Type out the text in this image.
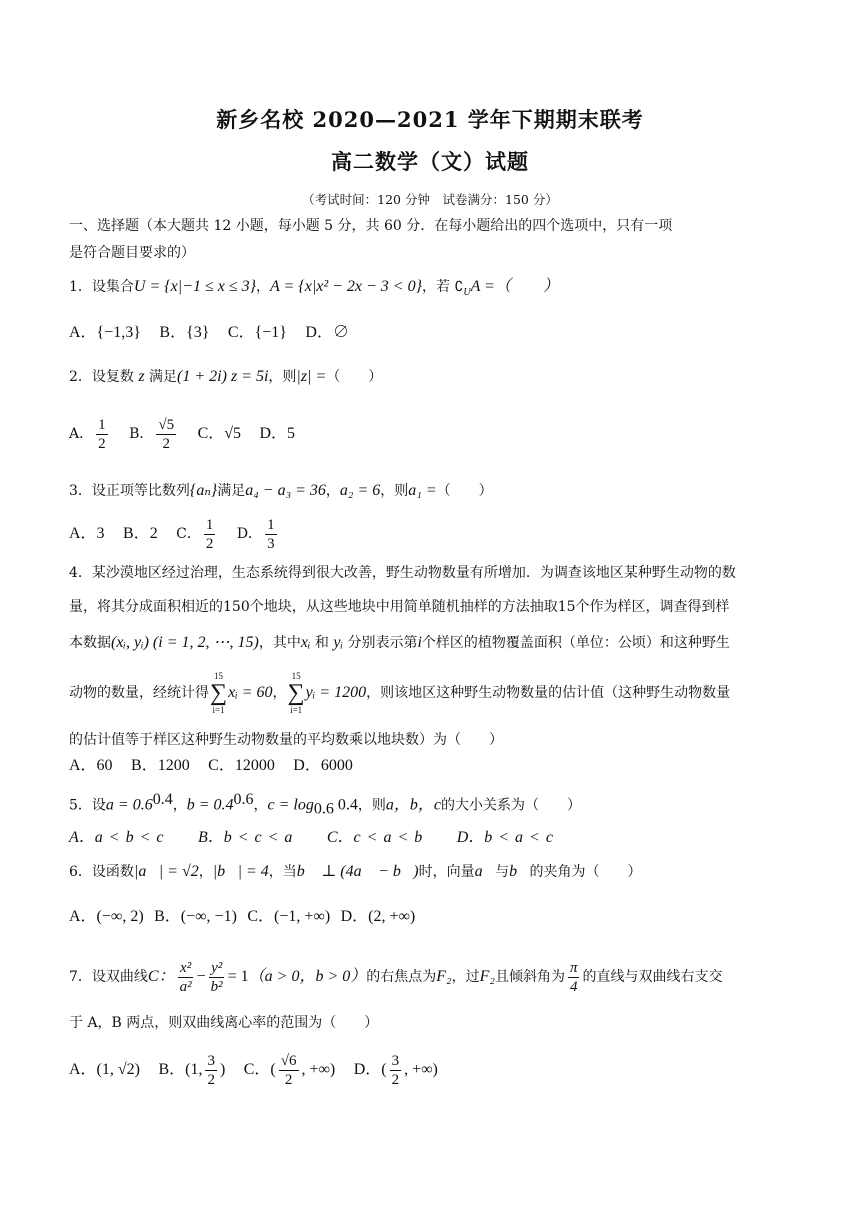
新乡名校 2020—2021 学年下期期末联考
高二数学（文）试题
（考试时间：120 分钟　试卷满分：150 分）
一、选择题（本大题共 12 小题，每小题 5 分，共 60 分．在每小题给出的四个选项中，只有一项
是符合题目要求的）
1．设集合U = {x|−1 ≤ x ≤ 3}，A = {x|x² − 2x − 3 < 0}，若 $∁_UA$ =（　　）
A．{−1,3} B．{3} C．{−1} D．∅
2．设复数 z 满足(1 + 2i) z = 5i，则|z| =（　　）
A． $\frac{1}{2}$ B． $\frac{√5}{2}$ C．√5 D．5
3．设正项等比数列{aₙ}满足a₄ − a₃ = 36，a₂ = 6，则a₁ =（　　）
A．3 B．2 C． $\frac{1}{2}$ D． $\frac{1}{3}$
4．某沙漠地区经过治理，生态系统得到很大改善，野生动物数量有所增加．为调查该地区某种野生动物的数
量，将其分成面积相近的150个地块，从这些地块中用简单随机抽样的方法抽取15个作为样区，调查得到样
本数据(xᵢ, yᵢ) (i = 1, 2, ⋯, 15)，其中xᵢ 和 yᵢ 分别表示第i个样区的植物覆盖面积（单位：公顷）和这种野生
动物的数量，经统计得
15
∑
i=1
xᵢ = 60，
15
∑
i=1
yᵢ = 1200，则该地区这种野生动物数量的估计值（这种野生动物数量
的估计值等于样区这种野生动物数量的平均数乘以地块数）为（　　）
A．60 B．1200 C．12000 D．6000
5．设$a = 0.6^{0.4}$，$b = 0.4^{0.6}$，$c = \log_{0.6} 0.4$，则a，b，c的大小关系为（　　）
A．a < b < c B．b < c < a C．c < a < b D．b < a < c
6．设函数|a⃗| = √2，|b⃗| = 4，当b⃗ ⊥ (4a⃗ − b⃗)时，向量a⃗与b⃗的夹角为（　　）
A．(−∞, 2) B．(−∞, −1) C．(−1, +∞) D．(2, +∞)
7．设双曲线C： $\frac{\text{x²}}{\text{a²}} - \frac{\text{y²}}{\text{b²}} = 1(a > 0$，b > 0）的右焦点为F₂，过F₂且倾斜角为 $\frac{\pi}{4}$ 的直线与双曲线右支交
于 A，B 两点，则双曲线离心率的范围为（　　）
A．(1, √2) B．(1, $\frac{3}{2}$ ) C．( $\frac{√6}{2}$ , +∞) D．( $\frac{3}{2}$ , +∞)
